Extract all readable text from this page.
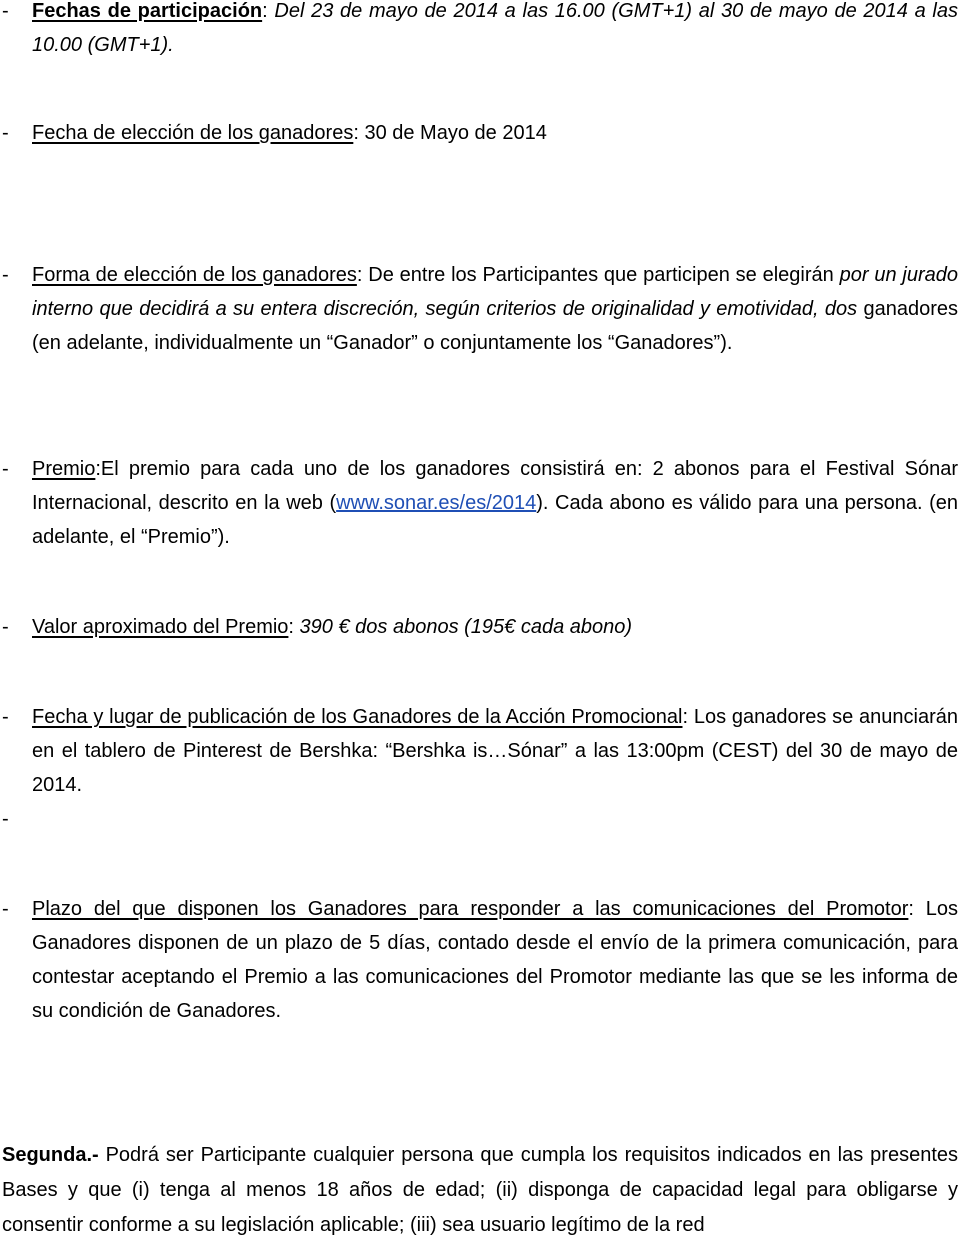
- Fechas de participación: Del 23 de mayo de 2014 a las 16.00 (GMT+1) al 30 de mayo de 2014 a las 10.00 (GMT+1).
- Fecha de elección de los ganadores: 30 de Mayo de 2014
- Forma de elección de los ganadores: De entre los Participantes que participen se elegirán por un jurado interno que decidirá a su entera discreción, según criterios de originalidad y emotividad, dos ganadores (en adelante, individualmente un “Ganador” o conjuntamente los “Ganadores”).
- Premio:El premio para cada uno de los ganadores consistirá en: 2 abonos para el Festival Sónar Internacional, descrito en la web (www.sonar.es/es/2014). Cada abono es válido para una persona. (en adelante, el “Premio”).
- Valor aproximado del Premio: 390 € dos abonos (195€ cada abono)
- Fecha y lugar de publicación de los Ganadores de la Acción Promocional: Los ganadores se anunciarán en el tablero de Pinterest de Bershka: “Bershka is…Sónar” a las 13:00pm (CEST) del 30 de mayo de 2014.
-
- Plazo del que disponen los Ganadores para responder a las comunicaciones del Promotor: Los Ganadores disponen de un plazo de 5 días, contado desde el envío de la primera comunicación, para contestar aceptando el Premio a las comunicaciones del Promotor mediante las que se les informa de su condición de Ganadores.
Segunda.- Podrá ser Participante cualquier persona que cumpla los requisitos indicados en las presentes Bases y que (i) tenga al menos 18 años de edad; (ii) disponga de capacidad legal para obligarse y consentir conforme a su legislación aplicable; (iii) sea usuario legítimo de la red
